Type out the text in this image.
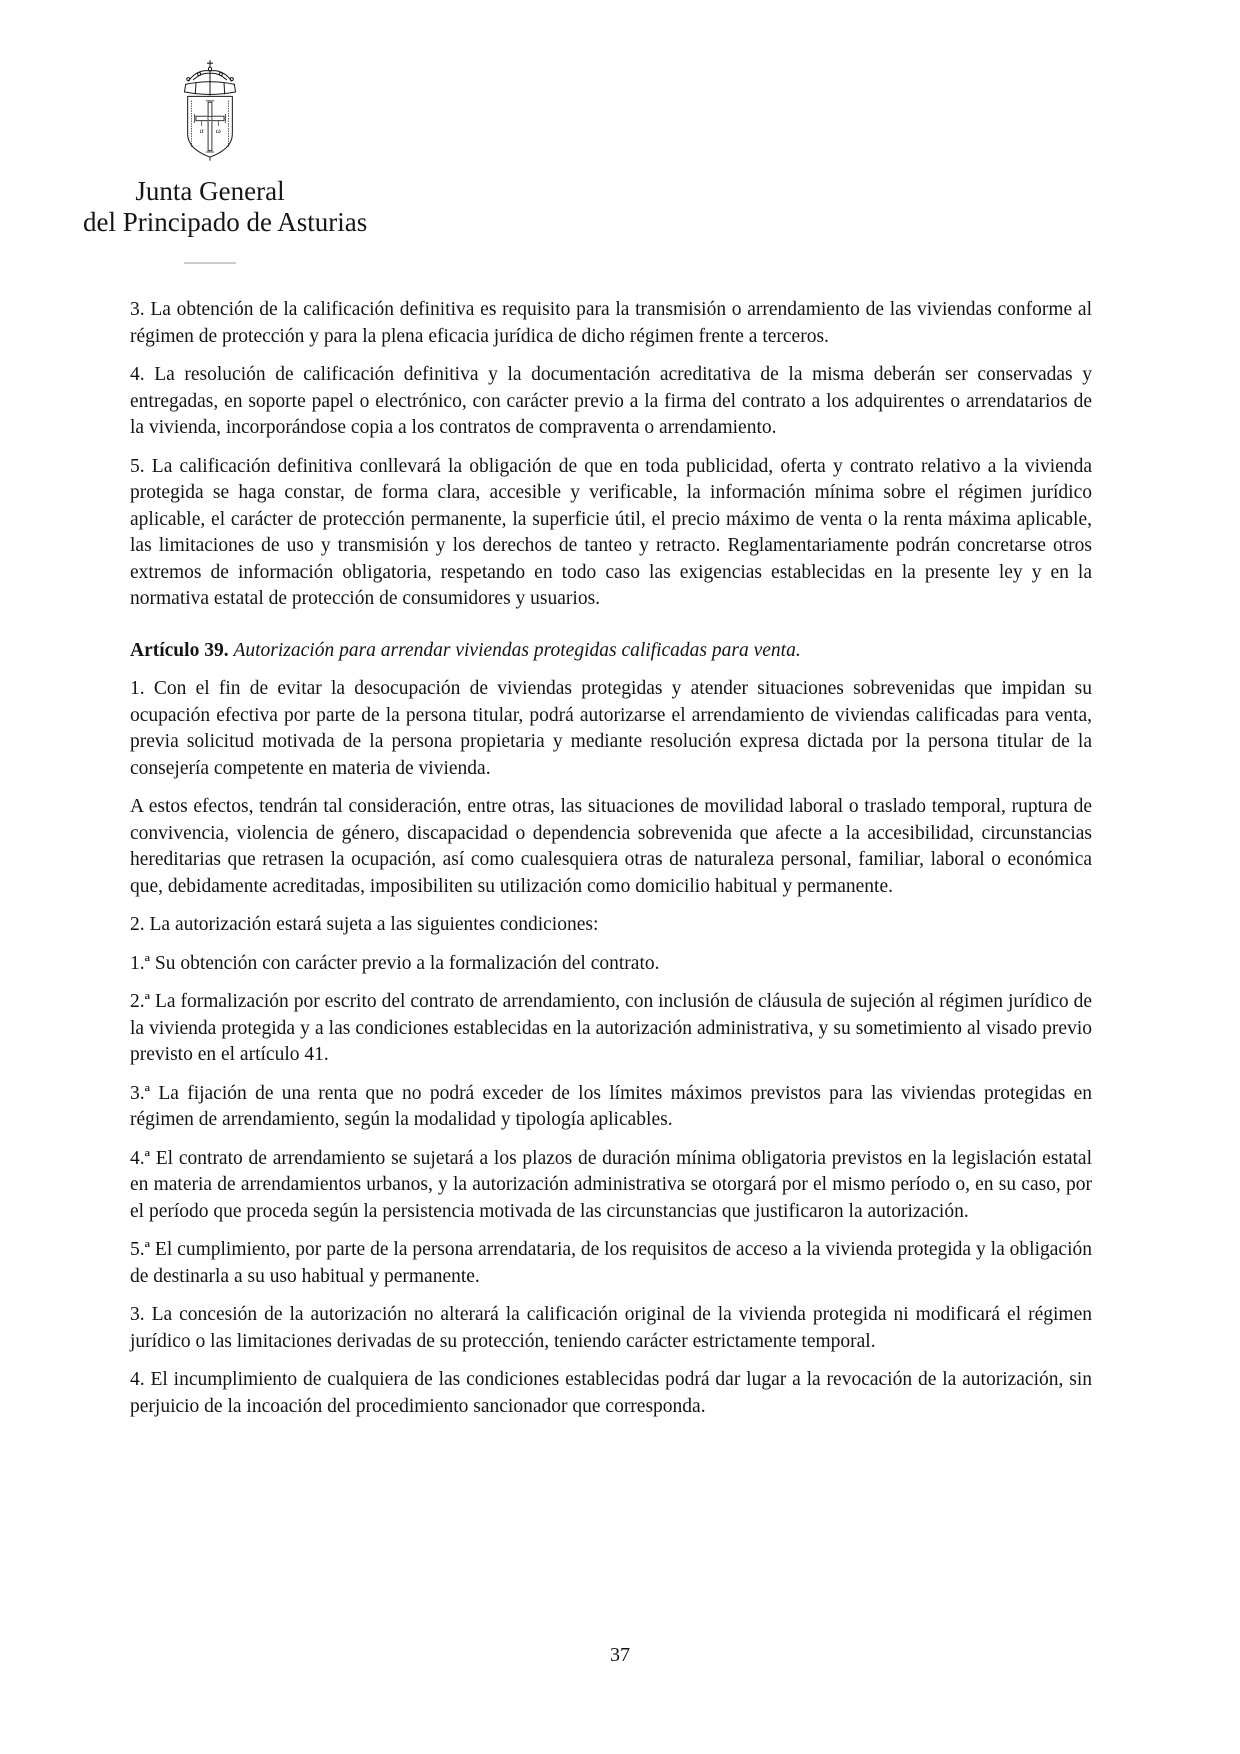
α ω
Junta General
del Principado de Asturias

3. La obtención de la calificación definitiva es requisito para la transmisión o arrendamiento de las viviendas conforme al régimen de protección y para la plena eficacia jurídica de dicho régimen frente a terceros.

4. La resolución de calificación definitiva y la documentación acreditativa de la misma deberán ser conservadas y entregadas, en soporte papel o electrónico, con carácter previo a la firma del contrato a los adquirentes o arrendatarios de la vivienda, incorporándose copia a los contratos de compraventa o arrendamiento.

5. La calificación definitiva conllevará la obligación de que en toda publicidad, oferta y contrato relativo a la vivienda protegida se haga constar, de forma clara, accesible y verificable, la información mínima sobre el régimen jurídico aplicable, el carácter de protección permanente, la superficie útil, el precio máximo de venta o la renta máxima aplicable, las limitaciones de uso y transmisión y los derechos de tanteo y retracto. Reglamentariamente podrán concretarse otros extremos de información obligatoria, respetando en todo caso las exigencias establecidas en la presente ley y en la normativa estatal de protección de consumidores y usuarios.

Artículo 39. Autorización para arrendar viviendas protegidas calificadas para venta.

1. Con el fin de evitar la desocupación de viviendas protegidas y atender situaciones sobrevenidas que impidan su ocupación efectiva por parte de la persona titular, podrá autorizarse el arrendamiento de viviendas calificadas para venta, previa solicitud motivada de la persona propietaria y mediante resolución expresa dictada por la persona titular de la consejería competente en materia de vivienda.

A estos efectos, tendrán tal consideración, entre otras, las situaciones de movilidad laboral o traslado temporal, ruptura de convivencia, violencia de género, discapacidad o dependencia sobrevenida que afecte a la accesibilidad, circunstancias hereditarias que retrasen la ocupación, así como cualesquiera otras de naturaleza personal, familiar, laboral o económica que, debidamente acreditadas, imposibiliten su utilización como domicilio habitual y permanente.

2. La autorización estará sujeta a las siguientes condiciones:

1.ª Su obtención con carácter previo a la formalización del contrato.

2.ª La formalización por escrito del contrato de arrendamiento, con inclusión de cláusula de sujeción al régimen jurídico de la vivienda protegida y a las condiciones establecidas en la autorización administrativa, y su sometimiento al visado previo previsto en el artículo 41.

3.ª La fijación de una renta que no podrá exceder de los límites máximos previstos para las viviendas protegidas en régimen de arrendamiento, según la modalidad y tipología aplicables.

4.ª El contrato de arrendamiento se sujetará a los plazos de duración mínima obligatoria previstos en la legislación estatal en materia de arrendamientos urbanos, y la autorización administrativa se otorgará por el mismo período o, en su caso, por el período que proceda según la persistencia motivada de las circunstancias que justificaron la autorización.

5.ª El cumplimiento, por parte de la persona arrendataria, de los requisitos de acceso a la vivienda protegida y la obligación de destinarla a su uso habitual y permanente.

3. La concesión de la autorización no alterará la calificación original de la vivienda protegida ni modificará el régimen jurídico o las limitaciones derivadas de su protección, teniendo carácter estrictamente temporal.

4. El incumplimiento de cualquiera de las condiciones establecidas podrá dar lugar a la revocación de la autorización, sin perjuicio de la incoación del procedimiento sancionador que corresponda.

37
